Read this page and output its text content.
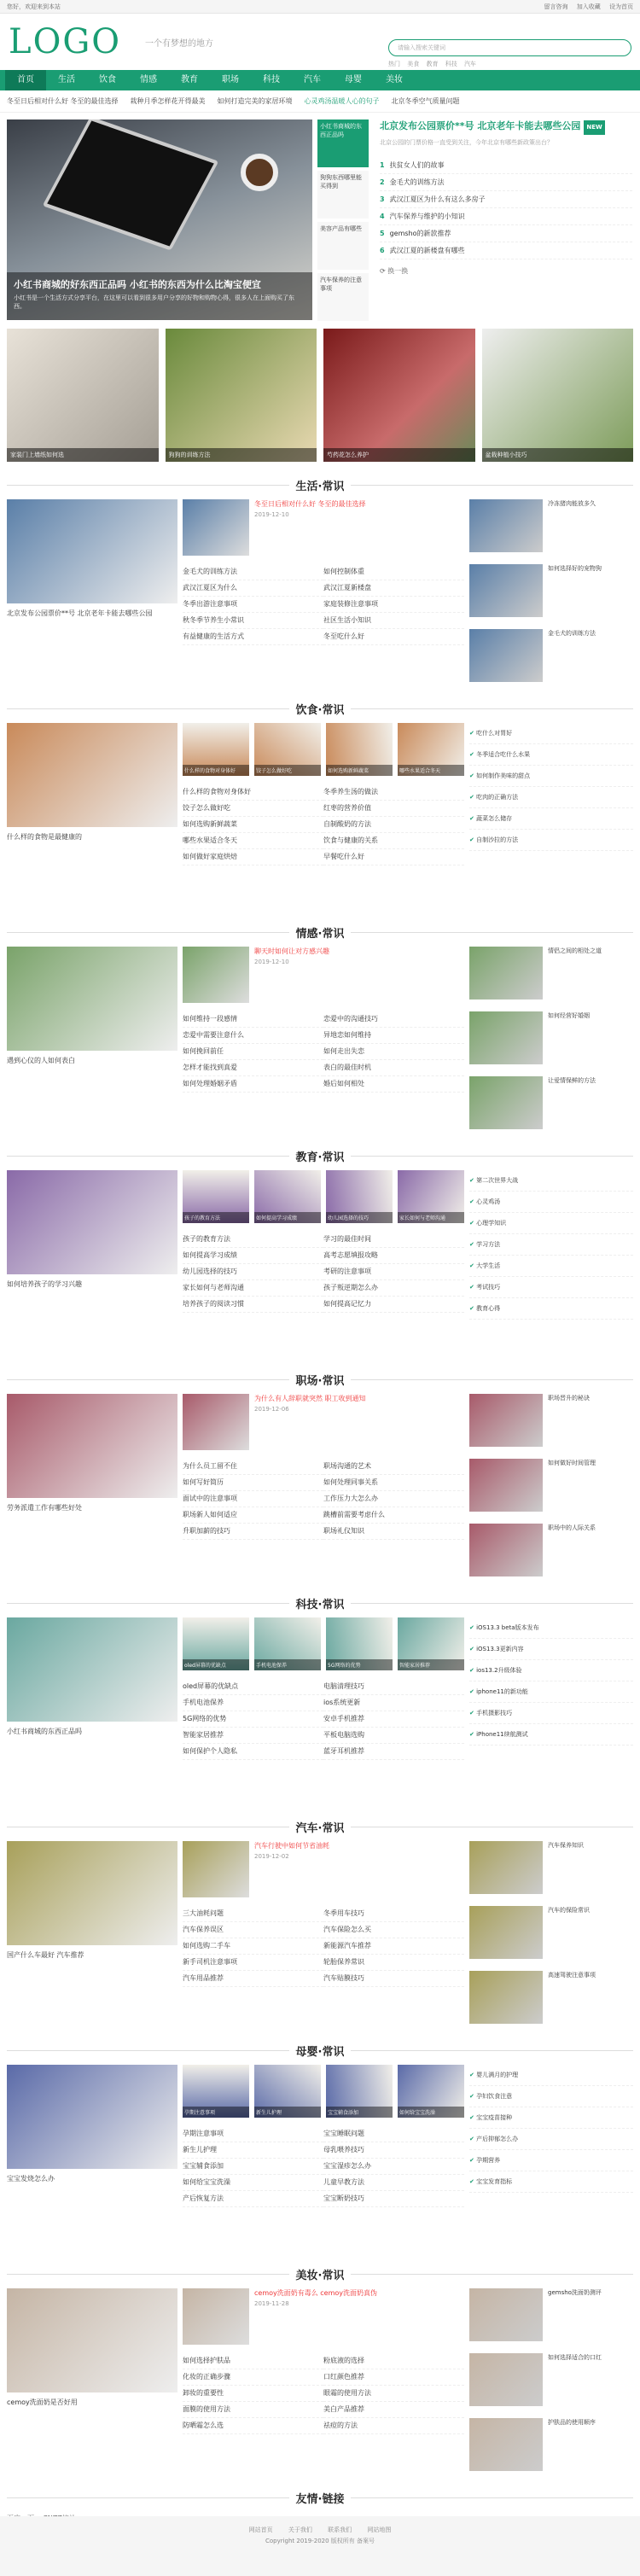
您好，欢迎来到本站	留言咨询 加入收藏 设为首页
LOGO	一个有梦想的地方	请输入搜索关键词
热门 美食 教育 科技 汽车
首页	生活	饮食	情感	教育	职场	科技	汽车	母婴	美妆
冬至日后相对什么好 冬至的最佳选择 栽种月季怎样花开得最美 如何打造完美的家居环境 心灵鸡汤温暖人心的句子 北京冬季空气质量问题
小红书商城的好东西正品吗 小红书的东西为什么比淘宝便宜
小红书是一个生活方式分享平台，在这里可以看到很多用户分享的好物和购物心得，很多人在上面购买了东西。
小红书商城的东西正品吗
狗狗东西哪里能买得到
美容产品有哪些
汽车保养的注意事项
北京发布公园票价**号 北京老年卡能去哪些公园 NEW
北京公园的门票价格一直受到关注，今年北京有哪些新政策出台？
1 扶贫女人们的故事
2 金毛犬的训练方法
3 武汉江夏区为什么有这么多房子
4 汽车保养与维护的小知识
5 gemsho的新款推荐
6 武汉江夏的新楼盘有哪些
⟳ 换一换
家装门上墙纸如何选	狗狗的训练方法	芍药花怎么养护	盆栽种植小技巧
生活·常识
北京发布公园票价**号 北京老年卡能去哪些公园
冬至日后相对什么好 冬至的最佳选择
2019-12-10
金毛犬的训练方法
武汉江夏区为什么
冬季出游注意事项
秋冬季节养生小常识
有益健康的生活方式
如何控制体重
武汉江夏新楼盘
家庭装修注意事项
社区生活小知识
冬至吃什么好
冷冻猪肉能放多久
如何选择好的宠物狗
金毛犬的训练方法
饮食·常识
什么样的食物是最健康的
什么样的食物对身体好	饺子怎么做好吃	如何选购新鲜蔬菜	哪些水果适合冬天
什么样的食物对身体好
饺子怎么做好吃
如何选购新鲜蔬菜
哪些水果适合冬天
如何做好家庭烘焙
冬季养生汤的做法
红枣的营养价值
自制酸奶的方法
饮食与健康的关系
早餐吃什么好
✔ 吃什么对胃好
✔ 冬季适合吃什么水果
✔ 如何制作美味的甜点
✔ 吃肉的正确方法
✔ 蔬菜怎么储存
✔ 自制沙拉的方法
情感·常识
遇到心仪的人如何表白
聊天时如何让对方感兴趣
2019-12-10
如何维持一段感情
恋爱中需要注意什么
如何挽回前任
怎样才能找到真爱
如何处理婚姻矛盾
恋爱中的沟通技巧
异地恋如何维持
如何走出失恋
表白的最佳时机
婚后如何相处
情侣之间的相处之道
如何经营好婚姻
让爱情保鲜的方法
教育·常识
如何培养孩子的学习兴趣
孩子的教育方法	如何提高学习成绩	幼儿园选择的技巧	家长如何与老师沟通
孩子的教育方法
如何提高学习成绩
幼儿园选择的技巧
家长如何与老师沟通
培养孩子的阅读习惯
学习的最佳时间
高考志愿填报攻略
考研的注意事项
孩子叛逆期怎么办
如何提高记忆力
✔ 第二次世界大战
✔ 心灵鸡汤
✔ 心理学知识
✔ 学习方法
✔ 大学生活
✔ 考试技巧
✔ 教育心得
职场·常识
劳务派遣工作有哪些好处
为什么有人辞职就突然 职工收到通知
2019-12-06
为什么员工留不住
如何写好简历
面试中的注意事项
职场新人如何适应
升职加薪的技巧
职场沟通的艺术
如何处理同事关系
工作压力大怎么办
跳槽前需要考虑什么
职场礼仪知识
职场晋升的秘诀
如何做好时间管理
职场中的人际关系
科技·常识
小红书商城的东西正品吗
oled屏幕的优缺点	手机电池保养	5G网络的优势	智能家居推荐
oled屏幕的优缺点
手机电池保养
5G网络的优势
智能家居推荐
如何保护个人隐私
电脑清理技巧
ios系统更新
安卓手机推荐
平板电脑选购
蓝牙耳机推荐
✔ iOS13.3 beta版本发布
✔ iOS13.3更新内容
✔ ios13.2升级体验
✔ iphone11的新功能
✔ 手机摄影技巧
✔ iPhone11续航测试
汽车·常识
国产什么车最好 汽车推荐
汽车行驶中如何节省油耗
2019-12-02
三大油耗问题
汽车保养误区
如何选购二手车
新手司机注意事项
汽车用品推荐
冬季用车技巧
汽车保险怎么买
新能源汽车推荐
轮胎保养常识
汽车贴膜技巧
汽车保养知识
汽车的保险常识
高速驾驶注意事项
母婴·常识
宝宝发烧怎么办
孕期注意事项	新生儿护理	宝宝辅食添加	如何给宝宝洗澡
孕期注意事项
新生儿护理
宝宝辅食添加
如何给宝宝洗澡
产后恢复方法
宝宝睡眠问题
母乳喂养技巧
宝宝湿疹怎么办
儿童早教方法
宝宝断奶技巧
✔ 婴儿满月的护理
✔ 孕妇饮食注意
✔ 宝宝疫苗接种
✔ 产后抑郁怎么办
✔ 孕期营养
✔ 宝宝发育指标
美妆·常识
cemoy洗面奶是否好用
cemoy洗面奶有毒么 cemoy洗面奶真伪
2019-11-28
如何选择护肤品
化妆的正确步骤
卸妆的重要性
面膜的使用方法
防晒霜怎么选
粉底液的选择
口红颜色推荐
眼霜的使用方法
美白产品推荐
祛痘的方法
gemsho洗面奶测评
如何选择适合的口红
护肤品的使用顺序
友情·链接

网站首页	关于我们	联系我们	网站地图
Copyright 2019-2020 版权所有 备案号
